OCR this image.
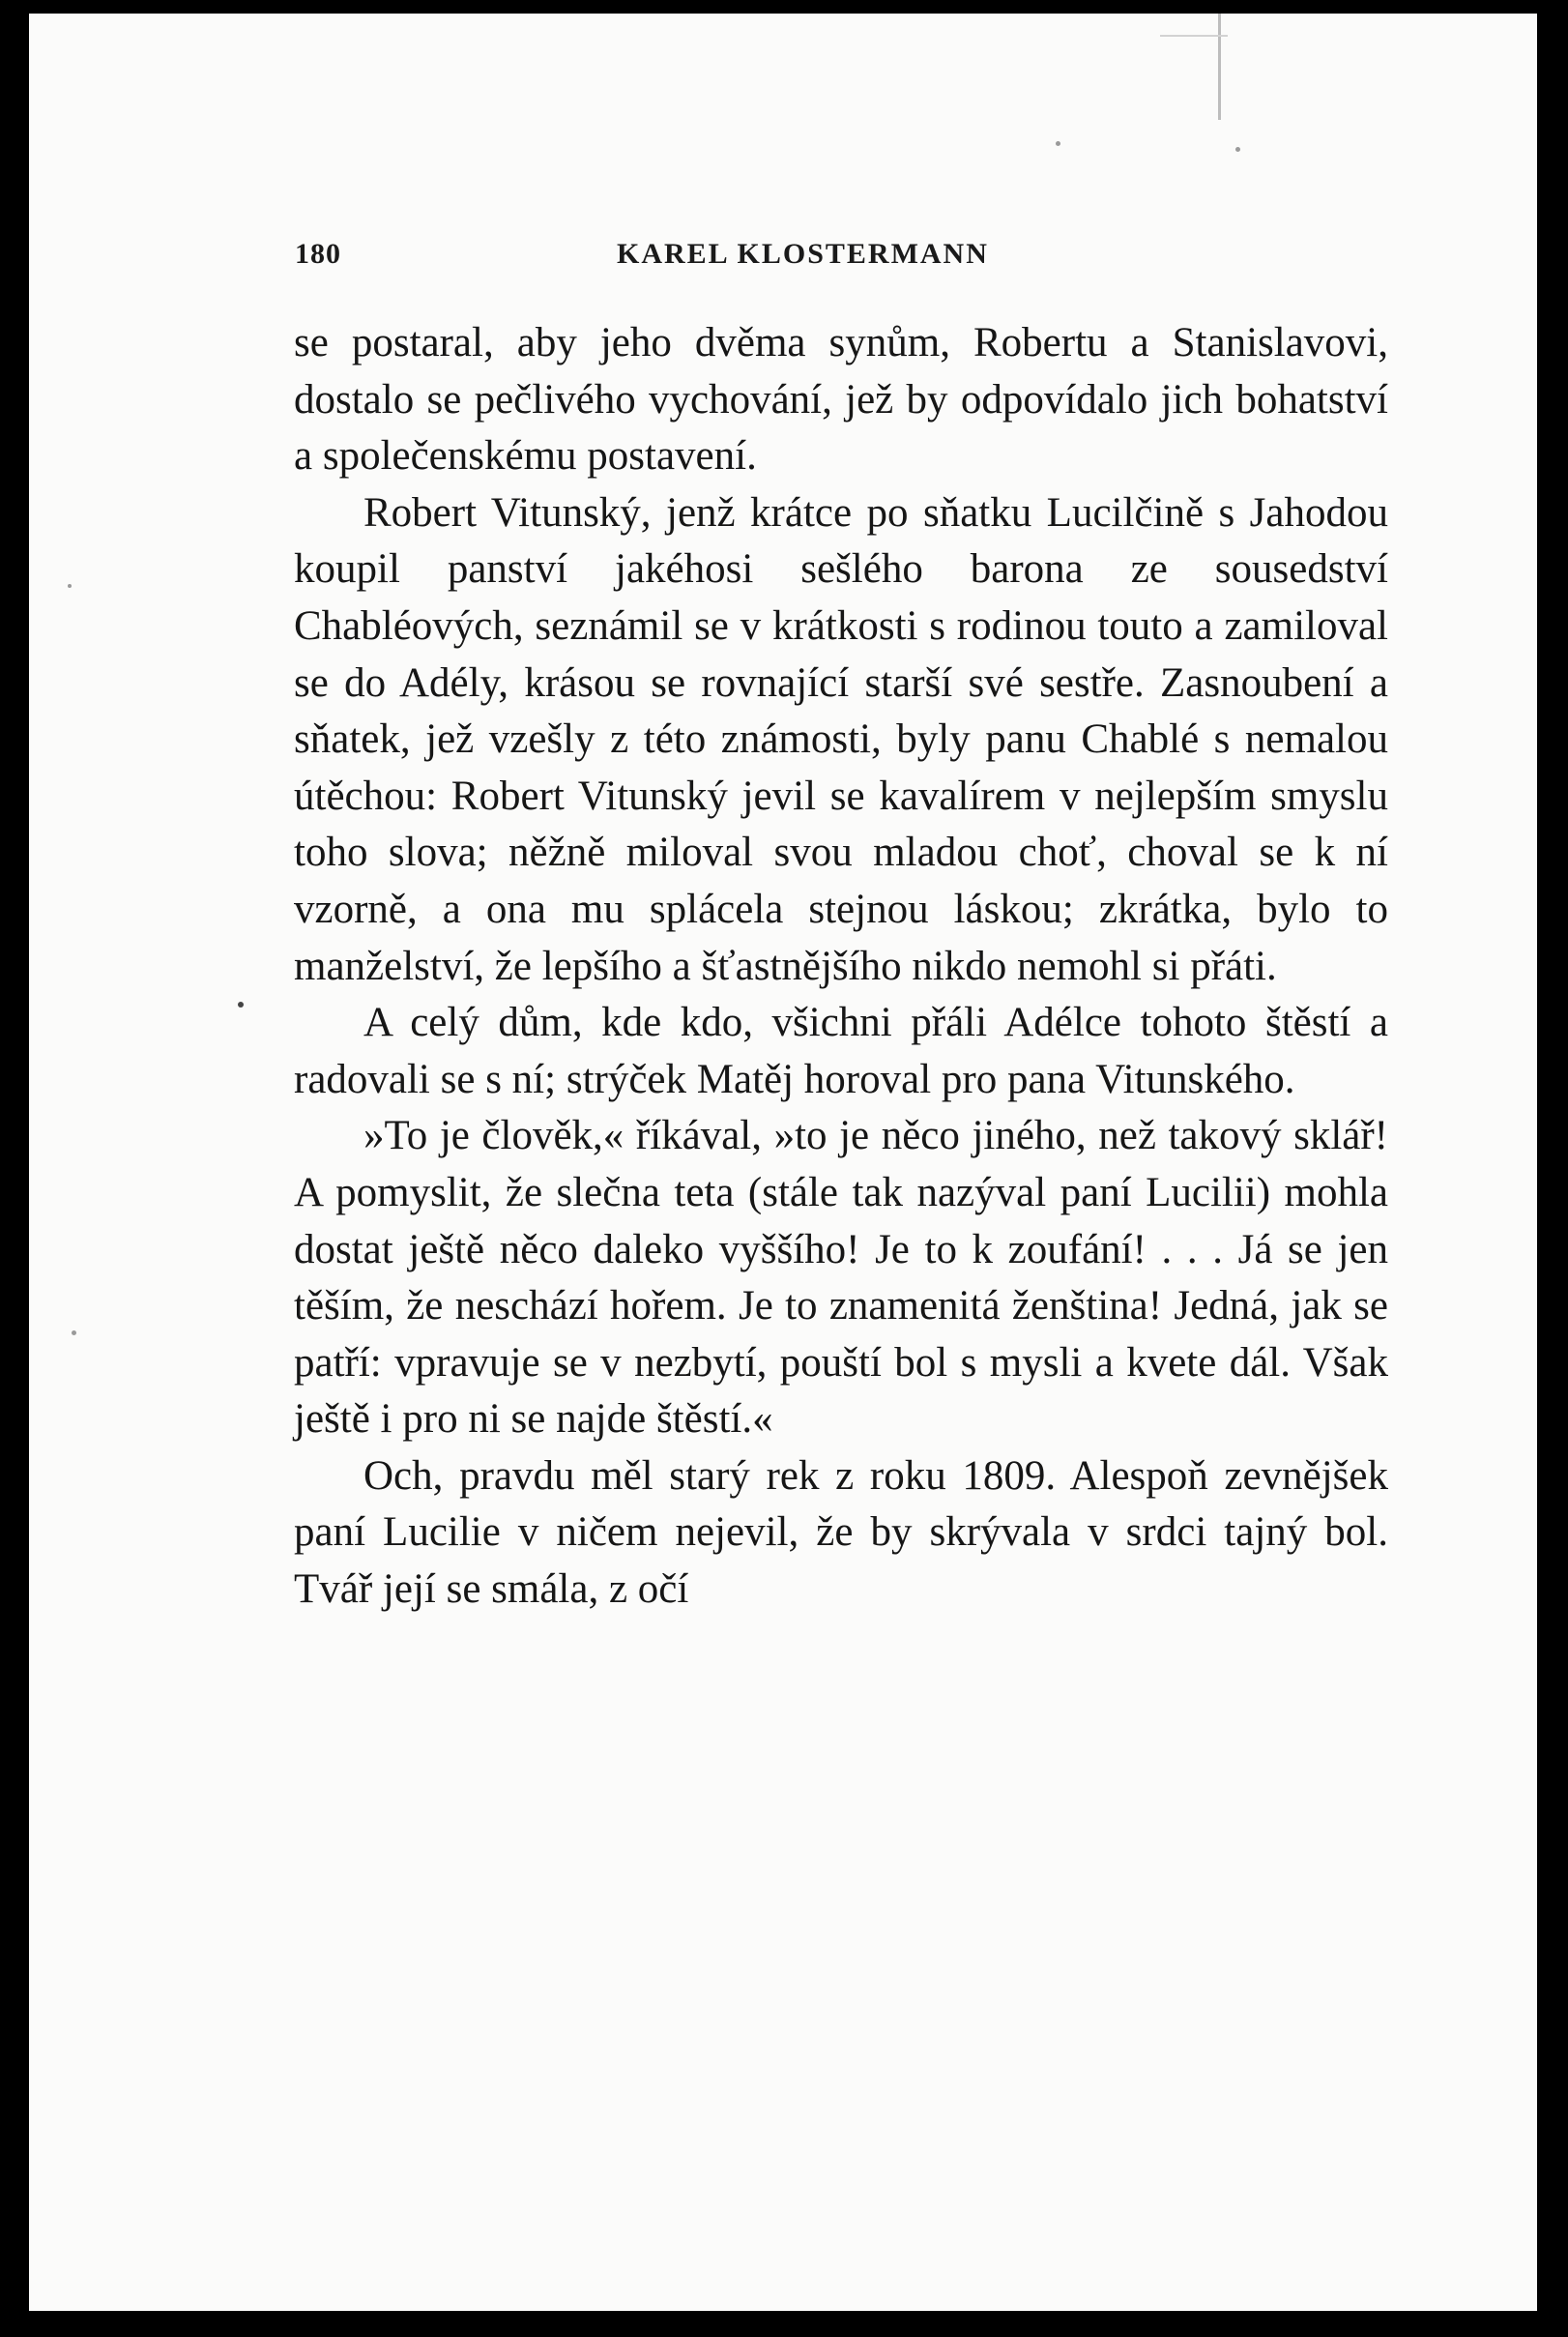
180	KAREL KLOSTERMANN

se postaral, aby jeho dvěma synům, Robertu a Stanislavovi, dostalo se pečlivého vychování, jež by odpovídalo jich bohatství a společenskému postavení.

Robert Vitunský, jenž krátce po sňatku Lucilčině s Jahodou koupil panství jakéhosi sešlého barona ze sousedství Chabléových, seznámil se v krátkosti s rodinou touto a zamiloval se do Adély, krásou se rovnající starší své sestře. Zasnoubení a sňatek, jež vzešly z této známosti, byly panu Chablé s nemalou útěchou: Robert Vitunský jevil se kavalírem v nejlepším smyslu toho slova; něžně miloval svou mladou choť, choval se k ní vzorně, a ona mu splácela stejnou láskou; zkrátka, bylo to manželství, že lepšího a šťastnějšího nikdo nemohl si přáti.

A celý dům, kde kdo, všichni přáli Adélce tohoto štěstí a radovali se s ní; strýček Matěj horoval pro pana Vitunského.

»To je člověk,« říkával, »to je něco jiného, než takový sklář! A pomyslit, že slečna teta (stále tak nazýval paní Lucilii) mohla dostat ještě něco daleko vyššího! Je to k zoufání! . . . Já se jen těším, že neschází hořem. Je to znamenitá ženština! Jedná, jak se patří: vpravuje se v nezbytí, pouští bol s mysli a kvete dál. Však ještě i pro ni se najde štěstí.«

Och, pravdu měl starý rek z roku 1809. Alespoň zevnějšek paní Lucilie v ničem nejevil, že by skrývala v srdci tajný bol. Tvář její se smála, z očí
